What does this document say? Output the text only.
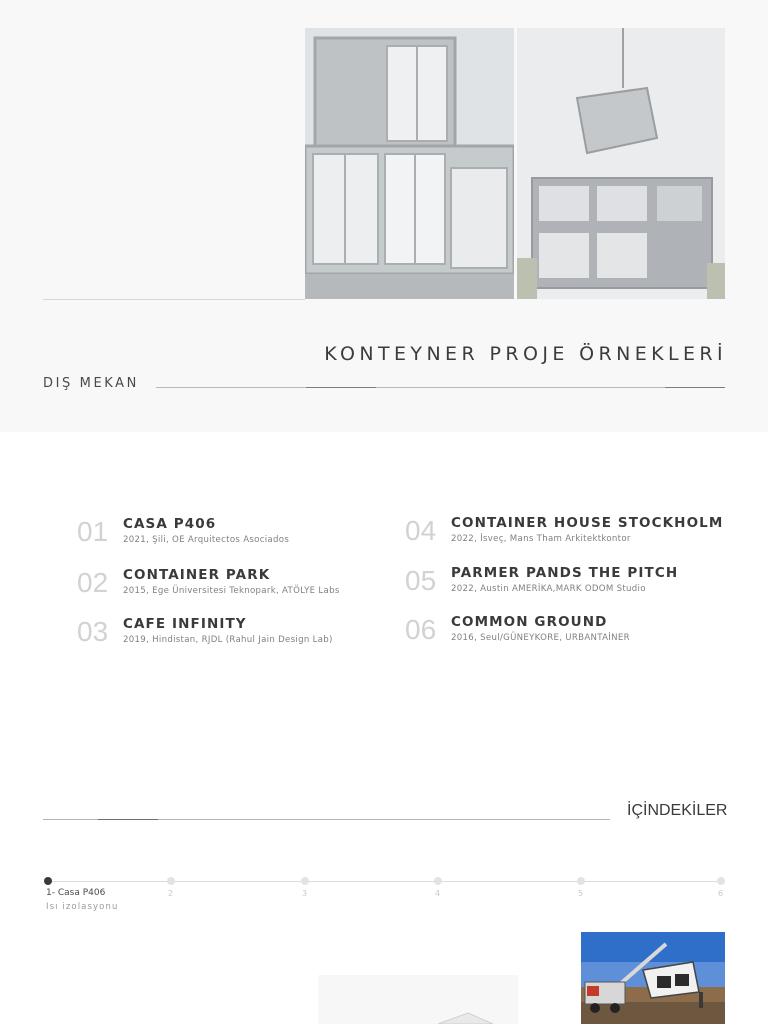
KONTEYNER PROJE ÖRNEKLERİ
DIŞ MEKAN
01 CASA P406
2021, Şili, OE Arquitectos Asociados
02 CONTAINER PARK
2015, Ege Üniversitesi Teknopark, ATÖLYE Labs
03 CAFE INFINITY
2019, Hindistan, RJDL (Rahul Jain Design Lab)
04 CONTAINER HOUSE STOCKHOLM
2022, İsveç, Mans Tham Arkitektkontor
05 PARMER PANDS THE PITCH
2022, Austin AMERİKA,MARK ODOM Studio
06 COMMON GROUND
2016, Seul/GÜNEYKORE, URBANTAİNER
İÇİNDEKİLER
1- Casa P406
Isı izolasyonu
2	3	4	5	6
